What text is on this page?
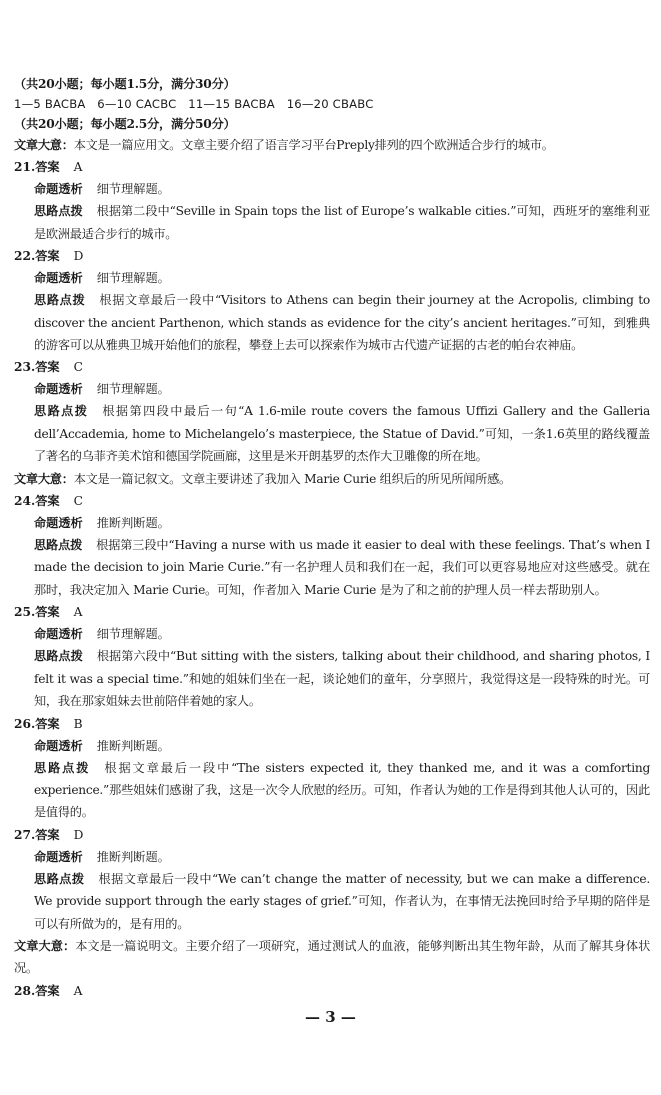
（共20小题；每小题1.5分，满分30分）
1—5 BACBA　6—10 CACBC　11—15 BACBA　16—20 CBABC
（共20小题；每小题2.5分，满分50分）
文章大意：本文是一篇应用文。文章主要介绍了语言学习平台Preply排列的四个欧洲适合步行的城市。
21.答案 A
命题透析 细节理解题。
思路点拨 根据第二段中“Seville in Spain tops the list of Europe’s walkable cities.”可知，西班牙的塞维利亚是欧洲最适合步行的城市。
22.答案 D
命题透析 细节理解题。
思路点拨 根据文章最后一段中“Visitors to Athens can begin their journey at the Acropolis, climbing to discover the ancient Parthenon, which stands as evidence for the city’s ancient heritages.”可知，到雅典的游客可以从雅典卫城开始他们的旅程，攀登上去可以探索作为城市古代遗产证据的古老的帕台农神庙。
23.答案 C
命题透析 细节理解题。
思路点拨 根据第四段中最后一句“A 1.6-mile route covers the famous Uffizi Gallery and the Galleria dell’Accademia, home to Michelangelo’s masterpiece, the Statue of David.”可知，一条1.6英里的路线覆盖了著名的乌菲齐美术馆和德国学院画廊，这里是米开朗基罗的杰作大卫雕像的所在地。
文章大意：本文是一篇记叙文。文章主要讲述了我加入 Marie Curie 组织后的所见所闻所感。
24.答案 C
命题透析 推断判断题。
思路点拨 根据第三段中“Having a nurse with us made it easier to deal with these feelings. That’s when I made the decision to join Marie Curie.”有一名护理人员和我们在一起，我们可以更容易地应对这些感受。就在那时，我决定加入 Marie Curie。可知，作者加入 Marie Curie 是为了和之前的护理人员一样去帮助别人。
25.答案 A
命题透析 细节理解题。
思路点拨 根据第六段中“But sitting with the sisters, talking about their childhood, and sharing photos, I felt it was a special time.”和她的姐妹们坐在一起，谈论她们的童年，分享照片，我觉得这是一段特殊的时光。可知，我在那家姐妹去世前陪伴着她的家人。
26.答案 B
命题透析 推断判断题。
思路点拨 根据文章最后一段中“The sisters expected it, they thanked me, and it was a comforting experience.”那些姐妹们感谢了我，这是一次令人欣慰的经历。可知，作者认为她的工作是得到其他人认可的，因此是值得的。
27.答案 D
命题透析 推断判断题。
思路点拨 根据文章最后一段中“We can’t change the matter of necessity, but we can make a difference. We provide support through the early stages of grief.”可知，作者认为，在事情无法挽回时给予早期的陪伴是可以有所做为的，是有用的。
文章大意：本文是一篇说明文。主要介绍了一项研究，通过测试人的血液，能够判断出其生物年龄，从而了解其身体状况。
28.答案 A
— 3 —
